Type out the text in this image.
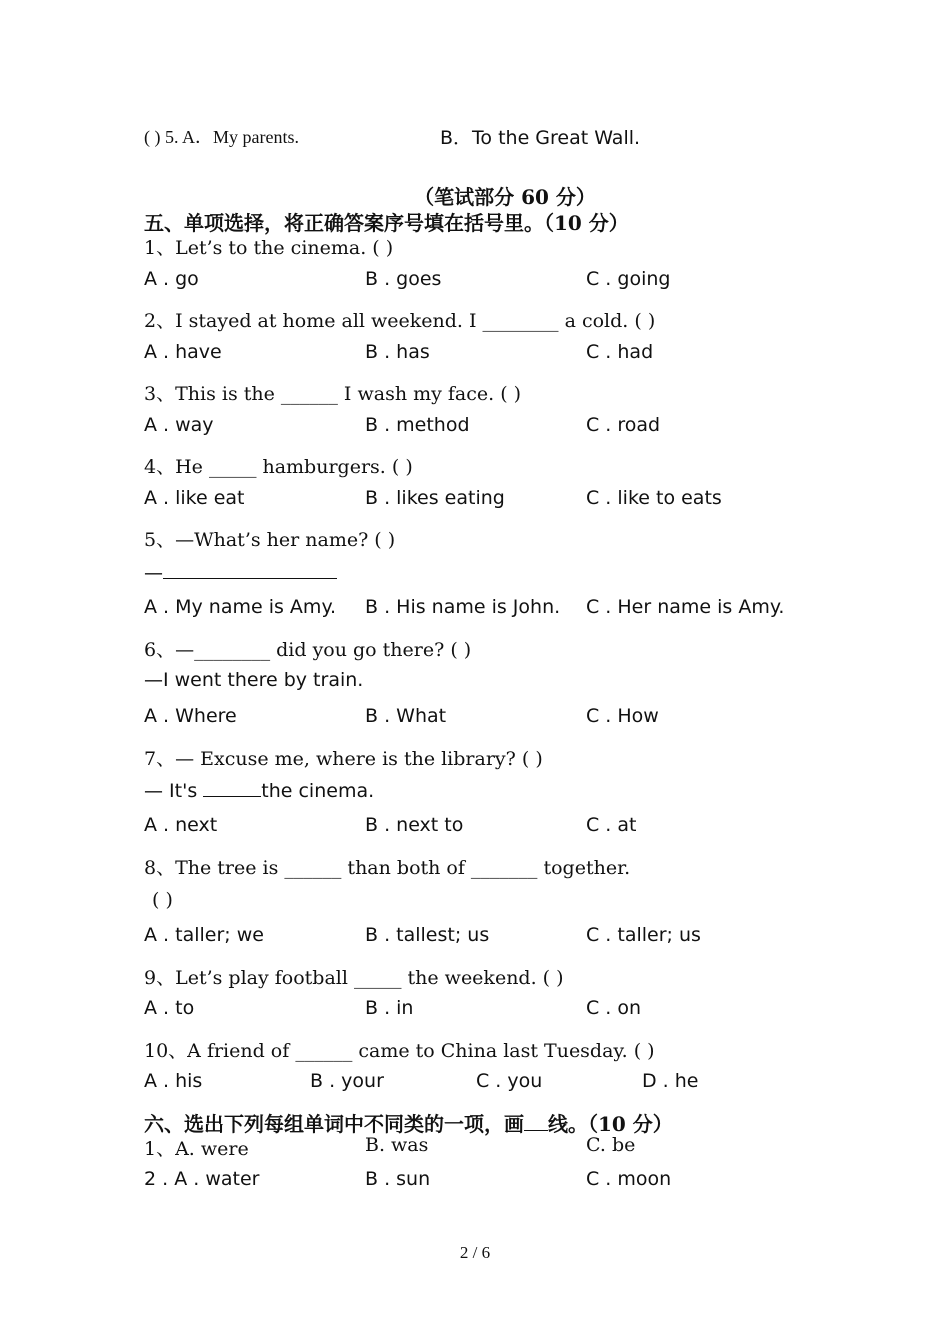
( ) 5. A．My parents.	B．To the Great Wall.
（笔试部分 60 分）
五、单项选择，将正确答案序号填在括号里。（10 分）
1、Let’s to the cinema. ( )
A . go	B . goes	C . going
2、I stayed at home all weekend. I ________ a cold. ( )
A . have	B . has	C . had
3、This is the ______ I wash my face. ( )
A . way	B . method	C . road
4、He _____ hamburgers. ( )
A . like eat	B . likes eating	C . like to eats
5、—What’s her name? ( )
—
A . My name is Amy. B . His name is John. C . Her name is Amy.
6、—________ did you go there? ( )
—I went there by train.
A . Where	B . What	C . How
7、— Excuse me, where is the library? ( )
— It's	the cinema.
A . next	B . next to	C . at
8、The tree is ______ than both of _______ together.
( )
A . taller; we	B . tallest; us	C . taller; us
9、Let’s play football _____ the weekend. ( )
A . to	B . in	C . on
10、A friend of ______ came to China last Tuesday. ( )
A . his	B . your	C . you	D . he
六、选出下列每组单词中不同类的一项，画 线。（10 分）
1、A. were	B. was	C. be
2 . A . water	B . sun	C . moon
2 / 6
